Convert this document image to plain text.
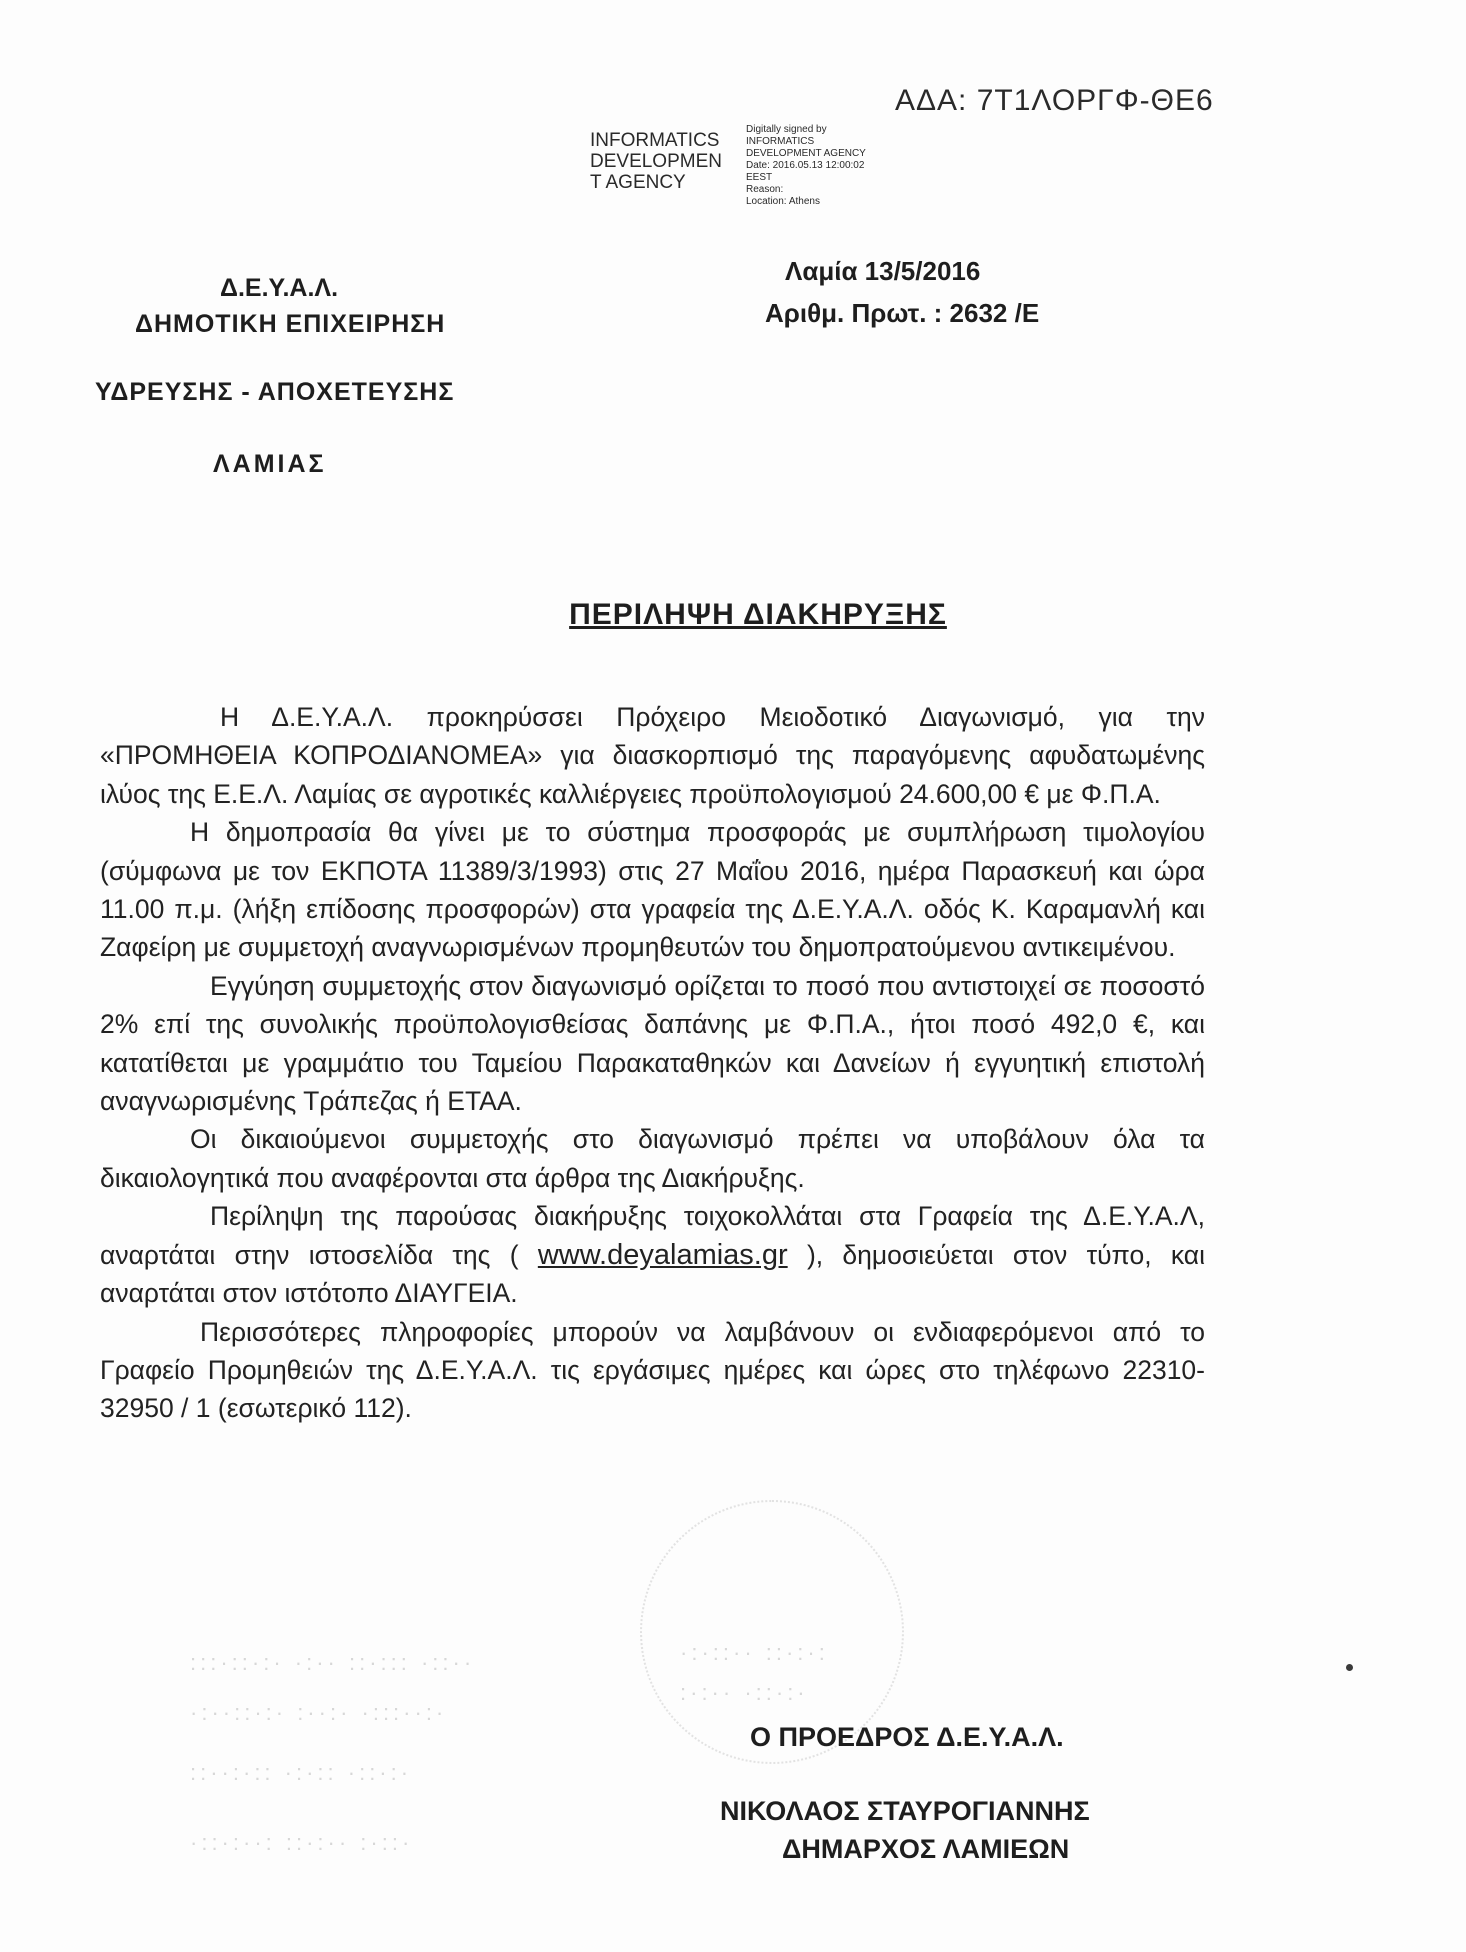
:::·::·:· ·:·· ::·::: ·::··
·:··::·:· :··:· ·:::··:·
::··:·:: ·:·:: ·::·:·
·::·:··: ::·:·· :·::·
·:·::·· ::·:·:
:·:·· ·::·:·
ΑΔΑ: 7Τ1ΛΟΡΓΦ-ΘΕ6
INFORMATICS
DEVELOPMEN
T AGENCY
Digitally signed by
INFORMATICS
DEVELOPMENT AGENCY
Date: 2016.05.13 12:00:02
EEST
Reason:
Location: Athens
Δ.Ε.Υ.Α.Λ.
ΔΗΜΟΤΙΚΗ ΕΠΙΧΕΙΡΗΣΗ
ΥΔΡΕΥΣΗΣ - ΑΠΟΧΕΤΕΥΣΗΣ
ΛΑΜΙΑΣ
Λαμία 13/5/2016
Αριθμ. Πρωτ. : 2632 /Ε
ΠΕΡΙΛΗΨΗ ΔΙΑΚΗΡΥΞΗΣ

Η Δ.Ε.Υ.Α.Λ. προκηρύσσει Πρόχειρο Μειοδοτικό Διαγωνισμό, για την «ΠΡΟΜΗΘΕΙΑ ΚΟΠΡΟΔΙΑΝΟΜΕΑ» για διασκορπισμό της παραγόμενης αφυδατωμένης ιλύος της Ε.Ε.Λ. Λαμίας σε αγροτικές καλλιέργειες προϋπολογισμού 24.600,00 € με Φ.Π.Α.

Η δημοπρασία θα γίνει με το σύστημα προσφοράς με συμπλήρωση τιμολογίου (σύμφωνα με τον ΕΚΠΟΤΑ 11389/3/1993) στις 27 Μαΐου 2016, ημέρα Παρασκευή και ώρα 11.00 π.μ. (λήξη επίδοσης προσφορών) στα γραφεία της Δ.Ε.Υ.Α.Λ. οδός Κ. Καραμανλή και Ζαφείρη με συμμετοχή αναγνωρισμένων προμηθευτών του δημοπρατούμενου αντικειμένου.

Εγγύηση συμμετοχής στον διαγωνισμό ορίζεται το ποσό που αντιστοιχεί σε ποσοστό 2% επί της συνολικής προϋπολογισθείσας δαπάνης με Φ.Π.Α., ήτοι ποσό 492,0 €, και κατατίθεται με γραμμάτιο του Ταμείου Παρακαταθηκών και Δανείων ή εγγυητική επιστολή αναγνωρισμένης Τράπεζας ή ΕΤΑΑ.

Οι δικαιούμενοι συμμετοχής στο διαγωνισμό πρέπει να υποβάλουν όλα τα δικαιολογητικά που αναφέρονται στα άρθρα της Διακήρυξης.

Περίληψη της παρούσας διακήρυξης τοιχοκολλάται στα Γραφεία της Δ.Ε.Υ.Α.Λ, αναρτάται στην ιστοσελίδα της ( www.deyalamias.gr ), δημοσιεύεται στον τύπο, και αναρτάται στον ιστότοπο ΔΙΑΥΓΕΙΑ.

Περισσότερες πληροφορίες μπορούν να λαμβάνουν οι ενδιαφερόμενοι από το Γραφείο Προμηθειών της Δ.Ε.Υ.Α.Λ. τις εργάσιμες ημέρες και ώρες στο τηλέφωνο 22310-32950 / 1 (εσωτερικό 112).

Ο ΠΡΟΕΔΡΟΣ Δ.Ε.Υ.Α.Λ.
ΝΙΚΟΛΑΟΣ ΣΤΑΥΡΟΓΙΑΝΝΗΣ
ΔΗΜΑΡΧΟΣ ΛΑΜΙΕΩΝ
